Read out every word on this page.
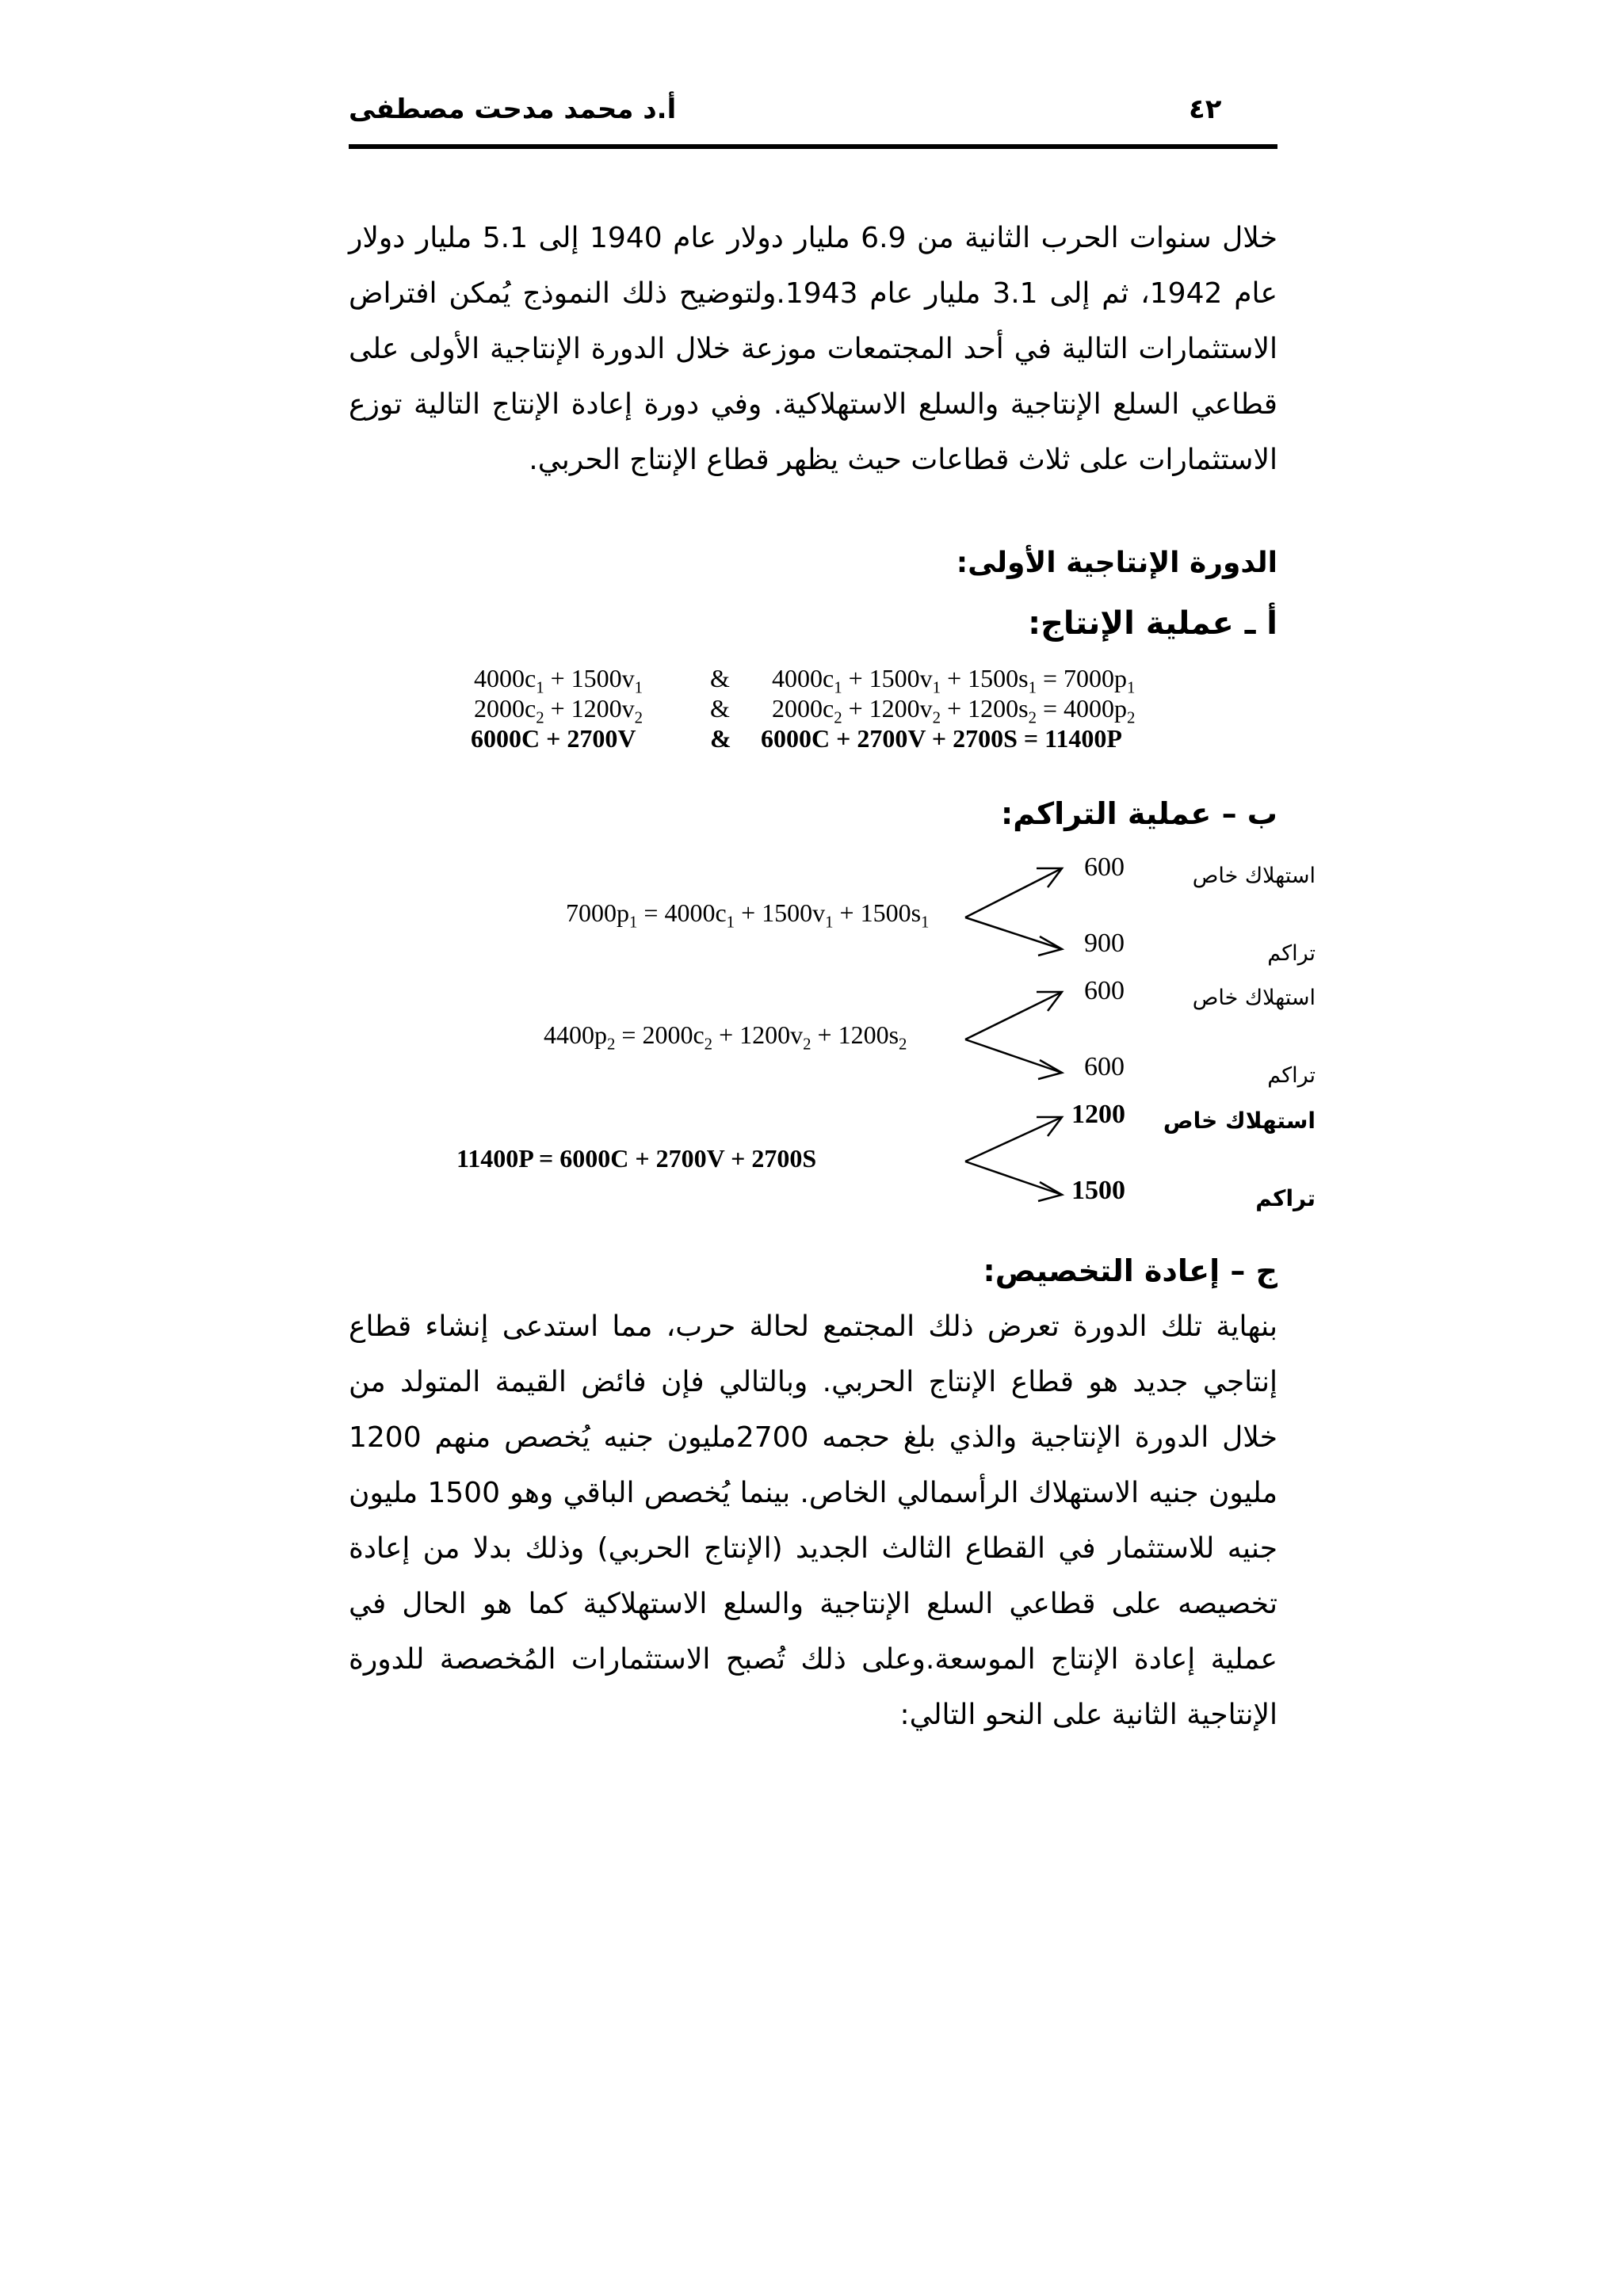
٤٢
أ.د محمد مدحت مصطفى
خلال سنوات الحرب الثانية من 6.9 مليار دولار عام 1940 إلى 5.1 مليار دولار عام 1942، ثم إلى 3.1 مليار عام 1943.ولتوضيح ذلك النموذج يُمكن افتراض الاستثمارات التالية في أحد المجتمعات موزعة خلال الدورة الإنتاجية الأولى على قطاعي السلع الإنتاجية والسلع الاستهلاكية. وفي دورة إعادة الإنتاج التالية توزع الاستثمارات على ثلاث قطاعات حيث يظهر قطاع الإنتاج الحربي.
الدورة الإنتاجية الأولى:
أ ـ عملية الإنتاج:
$4000c_1 + 1500v_1$	& $4000c_1 + 1500v_1 + 1500s_1 = 7000p_1$
$2000c_2 + 1200v_2$	& $2000c_2 + 1200v_2 + 1200s_2 = 4000p_2$
6000C + 2700V	& 6000C + 2700V + 2700S = 11400P
ب – عملية التراكم:
$7000p_1 = 4000c_1 + 1500v_1 + 1500s_1$
600
900
استهلاك خاص
تراكم
$4400p_2 = 2000c_2 + 1200v_2 + 1200s_2$
600
600
استهلاك خاص
تراكم
11400P = 6000C + 2700V + 2700S
1200
1500
استهلاك خاص
تراكم
ج – إعادة التخصيص:
بنهاية تلك الدورة تعرض ذلك المجتمع لحالة حرب، مما استدعى إنشاء قطاع إنتاجي جديد هو قطاع الإنتاج الحربي. وبالتالي فإن فائض القيمة المتولد من خلال الدورة الإنتاجية والذي بلغ حجمه 2700مليون جنيه يُخصص منهم 1200 مليون جنيه الاستهلاك الرأسمالي الخاص. بينما يُخصص الباقي وهو 1500 مليون جنيه للاستثمار في القطاع الثالث الجديد (الإنتاج الحربي) وذلك بدلا من إعادة تخصيصه على قطاعي السلع الإنتاجية والسلع الاستهلاكية كما هو الحال في عملية إعادة الإنتاج الموسعة.وعلى ذلك تُصبح الاستثمارات المُخصصة للدورة الإنتاجية الثانية على النحو التالي:
